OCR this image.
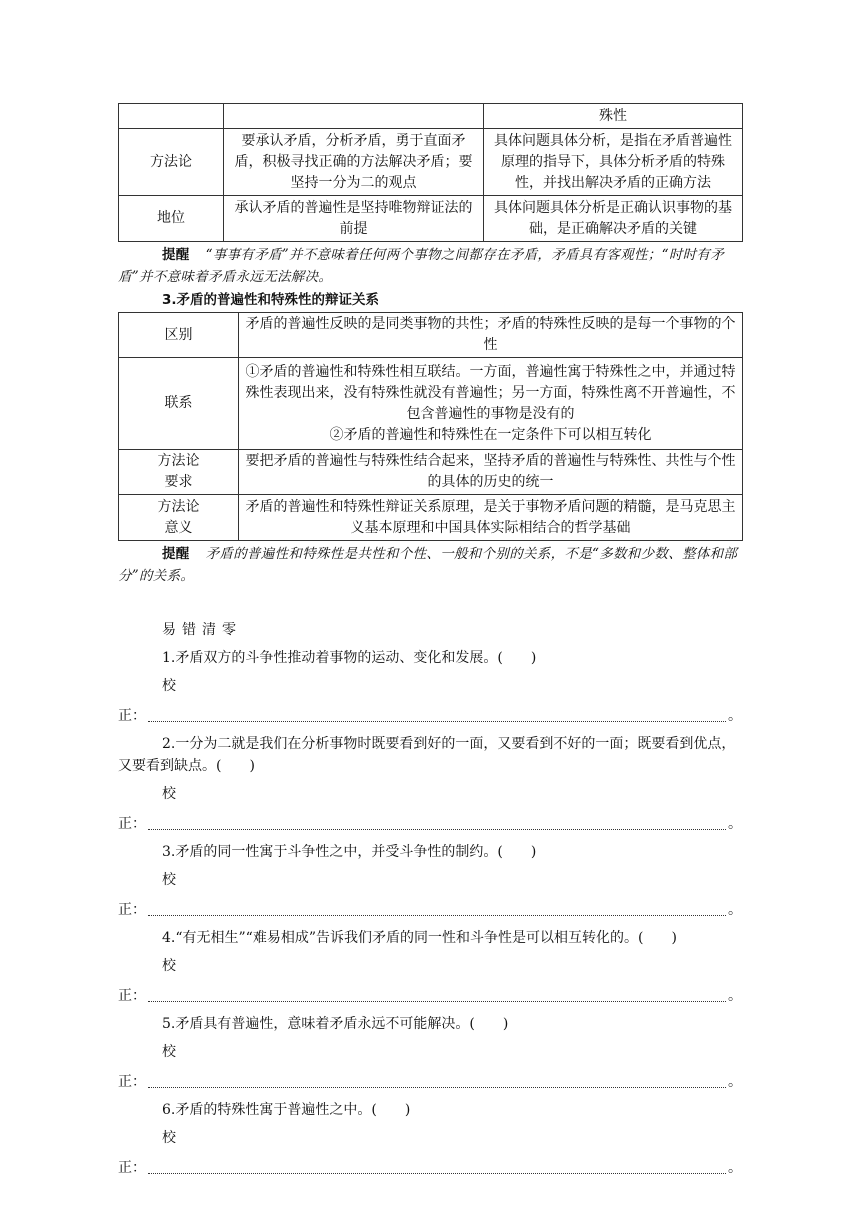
		殊性
方法论	要承认矛盾，分析矛盾，勇于直面矛盾，积极寻找正确的方法解决矛盾；要坚持一分为二的观点	具体问题具体分析，是指在矛盾普遍性原理的指导下，具体分析矛盾的特殊性，并找出解决矛盾的正确方法
地位	承认矛盾的普遍性是坚持唯物辩证法的前提	具体问题具体分析是正确认识事物的基础，是正确解决矛盾的关键

提醒 “事事有矛盾”并不意味着任何两个事物之间都存在矛盾，矛盾具有客观性；“时时有矛盾”并不意味着矛盾永远无法解决。

3.矛盾的普遍性和特殊性的辩证关系
区别	矛盾的普遍性反映的是同类事物的共性；矛盾的特殊性反映的是每一个事物的个性
联系	①矛盾的普遍性和特殊性相互联结。一方面，普遍性寓于特殊性之中，并通过特殊性表现出来，没有特殊性就没有普遍性；另一方面，特殊性离不开普遍性，不包含普遍性的事物是没有的
②矛盾的普遍性和特殊性在一定条件下可以相互转化

方法论
要求	要把矛盾的普遍性与特殊性结合起来，坚持矛盾的普遍性与特殊性、共性与个性的具体的历史的统一

方法论
意义	矛盾的普遍性和特殊性辩证关系原理，是关于事物矛盾问题的精髓，是马克思主义基本原理和中国具体实际相结合的哲学基础

提醒 矛盾的普遍性和特殊性是共性和个性、一般和个别的关系，不是“多数和少数、整体和部分”的关系。

易错清零
1.矛盾双方的斗争性推动着事物的运动、变化和发展。(　　)
校
正：	。
2.一分为二就是我们在分析事物时既要看到好的一面，又要看到不好的一面；既要看到优点，又要看到缺点。(　　)
校
正：	。
3.矛盾的同一性寓于斗争性之中，并受斗争性的制约。(　　)
校
正：	。
4.“有无相生”“难易相成”告诉我们矛盾的同一性和斗争性是可以相互转化的。(　　)
校
正：	。
5.矛盾具有普遍性，意味着矛盾永远不可能解决。(　　)
校
正：	。
6.矛盾的特殊性寓于普遍性之中。(　　)
校
正：	。
